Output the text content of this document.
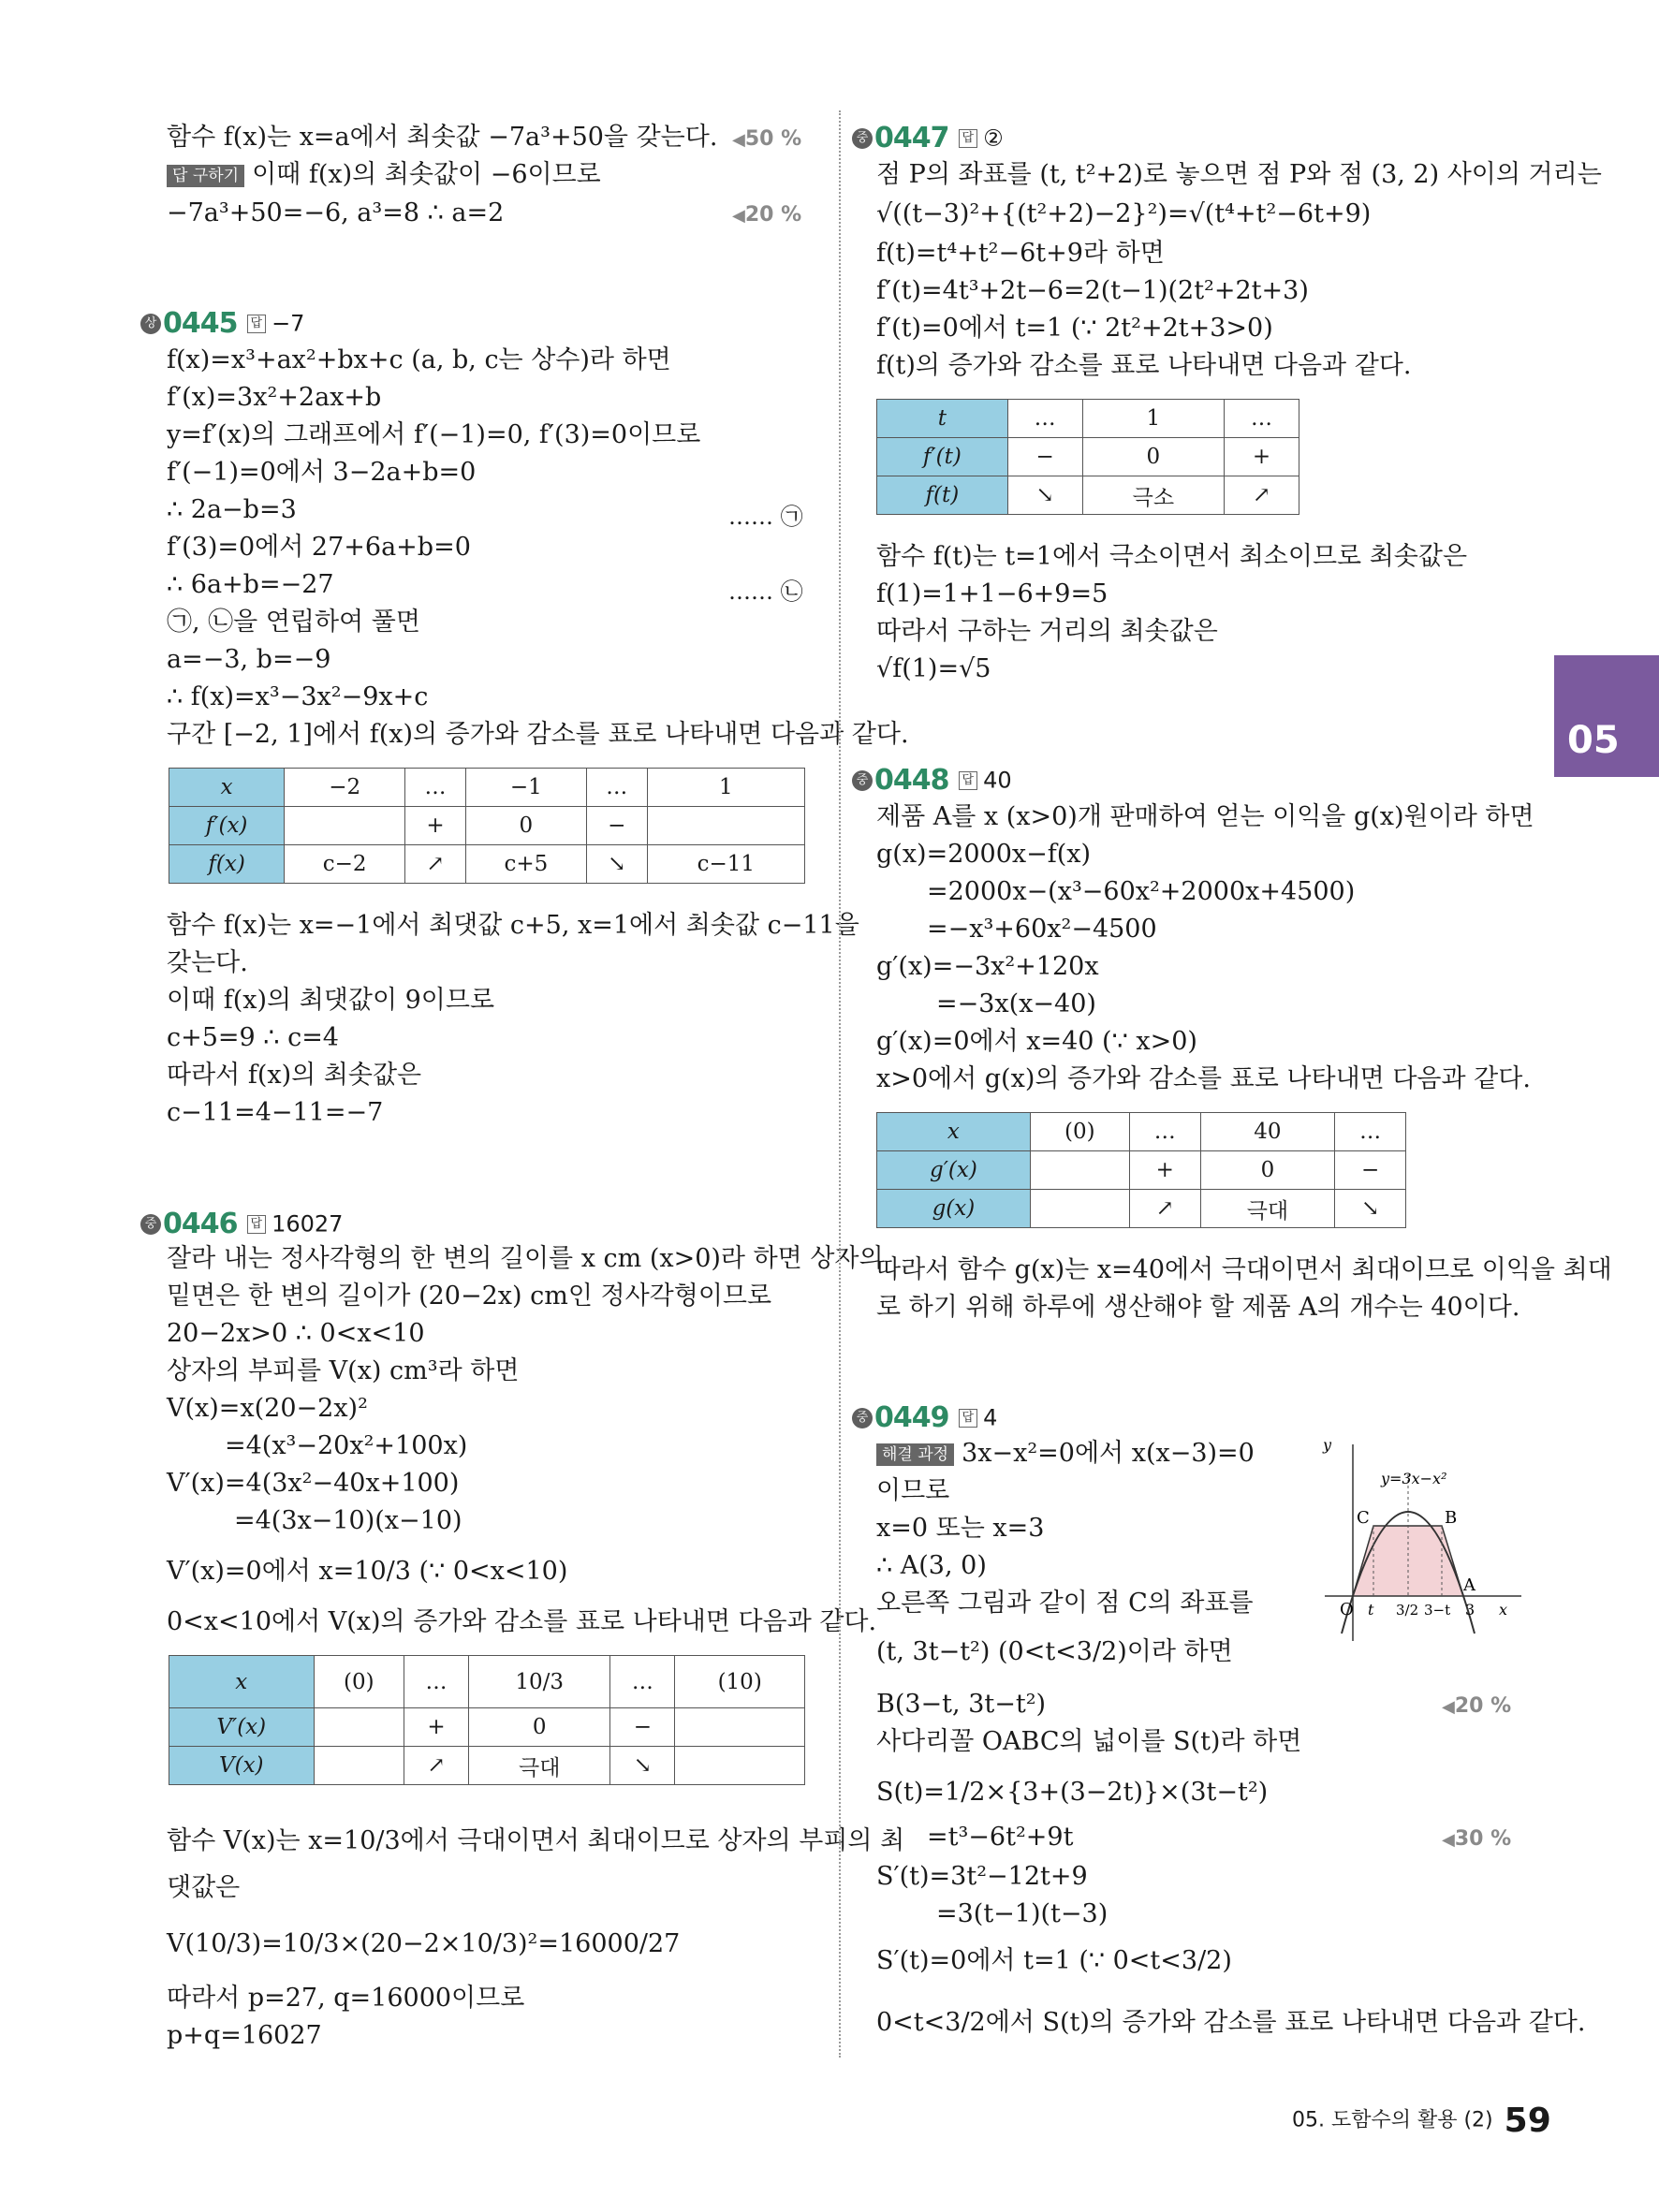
함수 f(x)는 x=a에서 최솟값 −7a³+50을 갖는다.	◀ 50 %
답 구하기 이때 f(x)의 최솟값이 −6이므로
−7a³+50=−6, a³=8 ∴ a=2	◀ 20 %
상 0445 답 −7
f(x)=x³+ax²+bx+c (a, b, c는 상수)라 하면
f′(x)=3x²+2ax+b
y=f′(x)의 그래프에서 f′(−1)=0, f′(3)=0이므로
f′(−1)=0에서 3−2a+b=0
∴ 2a−b=3	…… ㉠
f′(3)=0에서 27+6a+b=0
∴ 6a+b=−27	…… ㉡
㉠, ㉡을 연립하여 풀면
a=−3, b=−9
∴ f(x)=x³−3x²−9x+c
구간 [−2, 1]에서 f(x)의 증가와 감소를 표로 나타내면 다음과 같다.
x	−2	…	−1	…	1
f′(x)		+	0	−	
f(x)	c−2	↗	c+5	↘	c−11
함수 f(x)는 x=−1에서 최댓값 c+5, x=1에서 최솟값 c−11을
갖는다.
이때 f(x)의 최댓값이 9이므로
c+5=9 ∴ c=4
따라서 f(x)의 최솟값은
c−11=4−11=−7
중 0446 답 16027
잘라 내는 정사각형의 한 변의 길이를 x cm (x>0)라 하면 상자의
밑면은 한 변의 길이가 (20−2x) cm인 정사각형이므로
20−2x>0 ∴ 0<x<10
상자의 부피를 V(x) cm³라 하면
V(x)=x(20−2x)²
=4(x³−20x²+100x)
V′(x)=4(3x²−40x+100)
=4(3x−10)(x−10)
V′(x)=0에서 x=10/3 (∵ 0<x<10)
0<x<10에서 V(x)의 증가와 감소를 표로 나타내면 다음과 같다.
x	(0)	…	10/3	…	(10)
V′(x)		+	0	−	
V(x)		↗	극대	↘	
함수 V(x)는 x=10/3에서 극대이면서 최대이므로 상자의 부피의 최
댓값은
V(10/3)=10/3×(20−2×10/3)²=16000/27
따라서 p=27, q=16000이므로
p+q=16027
중 0447 답 ②
점 P의 좌표를 (t, t²+2)로 놓으면 점 P와 점 (3, 2) 사이의 거리는
√((t−3)²+{(t²+2)−2}²)=√(t⁴+t²−6t+9)
f(t)=t⁴+t²−6t+9라 하면
f′(t)=4t³+2t−6=2(t−1)(2t²+2t+3)
f′(t)=0에서 t=1 (∵ 2t²+2t+3>0)
f(t)의 증가와 감소를 표로 나타내면 다음과 같다.
t	…	1	…
f′(t)	−	0	+
f(t)	↘	극소	↗
함수 f(t)는 t=1에서 극소이면서 최소이므로 최솟값은
f(1)=1+1−6+9=5
따라서 구하는 거리의 최솟값은
√f(1)=√5
중 0448 답 40
제품 A를 x (x>0)개 판매하여 얻는 이익을 g(x)원이라 하면
g(x)=2000x−f(x)
=2000x−(x³−60x²+2000x+4500)
=−x³+60x²−4500
g′(x)=−3x²+120x
=−3x(x−40)
g′(x)=0에서 x=40 (∵ x>0)
x>0에서 g(x)의 증가와 감소를 표로 나타내면 다음과 같다.
x	(0)	…	40	…
g′(x)		+	0	−
g(x)		↗	극대	↘
따라서 함수 g(x)는 x=40에서 극대이면서 최대이므로 이익을 최대
로 하기 위해 하루에 생산해야 할 제품 A의 개수는 40이다.
중 0449 답 4
해결 과정 3x−x²=0에서 x(x−3)=0
이므로
x=0 또는 x=3
∴ A(3, 0)
오른쪽 그림과 같이 점 C의 좌표를
(t, 3t−t²) (0<t<3/2)이라 하면
B(3−t, 3t−t²)	◀ 20 %
사다리꼴 OABC의 넓이를 S(t)라 하면
S(t)=1/2×{3+(3−2t)}×(3t−t²)
=t³−6t²+9t	◀ 30 %
S′(t)=3t²−12t+9
=3(t−1)(t−3)
S′(t)=0에서 t=1 (∵ 0<t<3/2)
0<t<3/2에서 S(t)의 증가와 감소를 표로 나타내면 다음과 같다.
y=3x−x²
y
x
C	B
A
O t 3/2 3−t 3
05
05. 도함수의 활용 (2) 59
